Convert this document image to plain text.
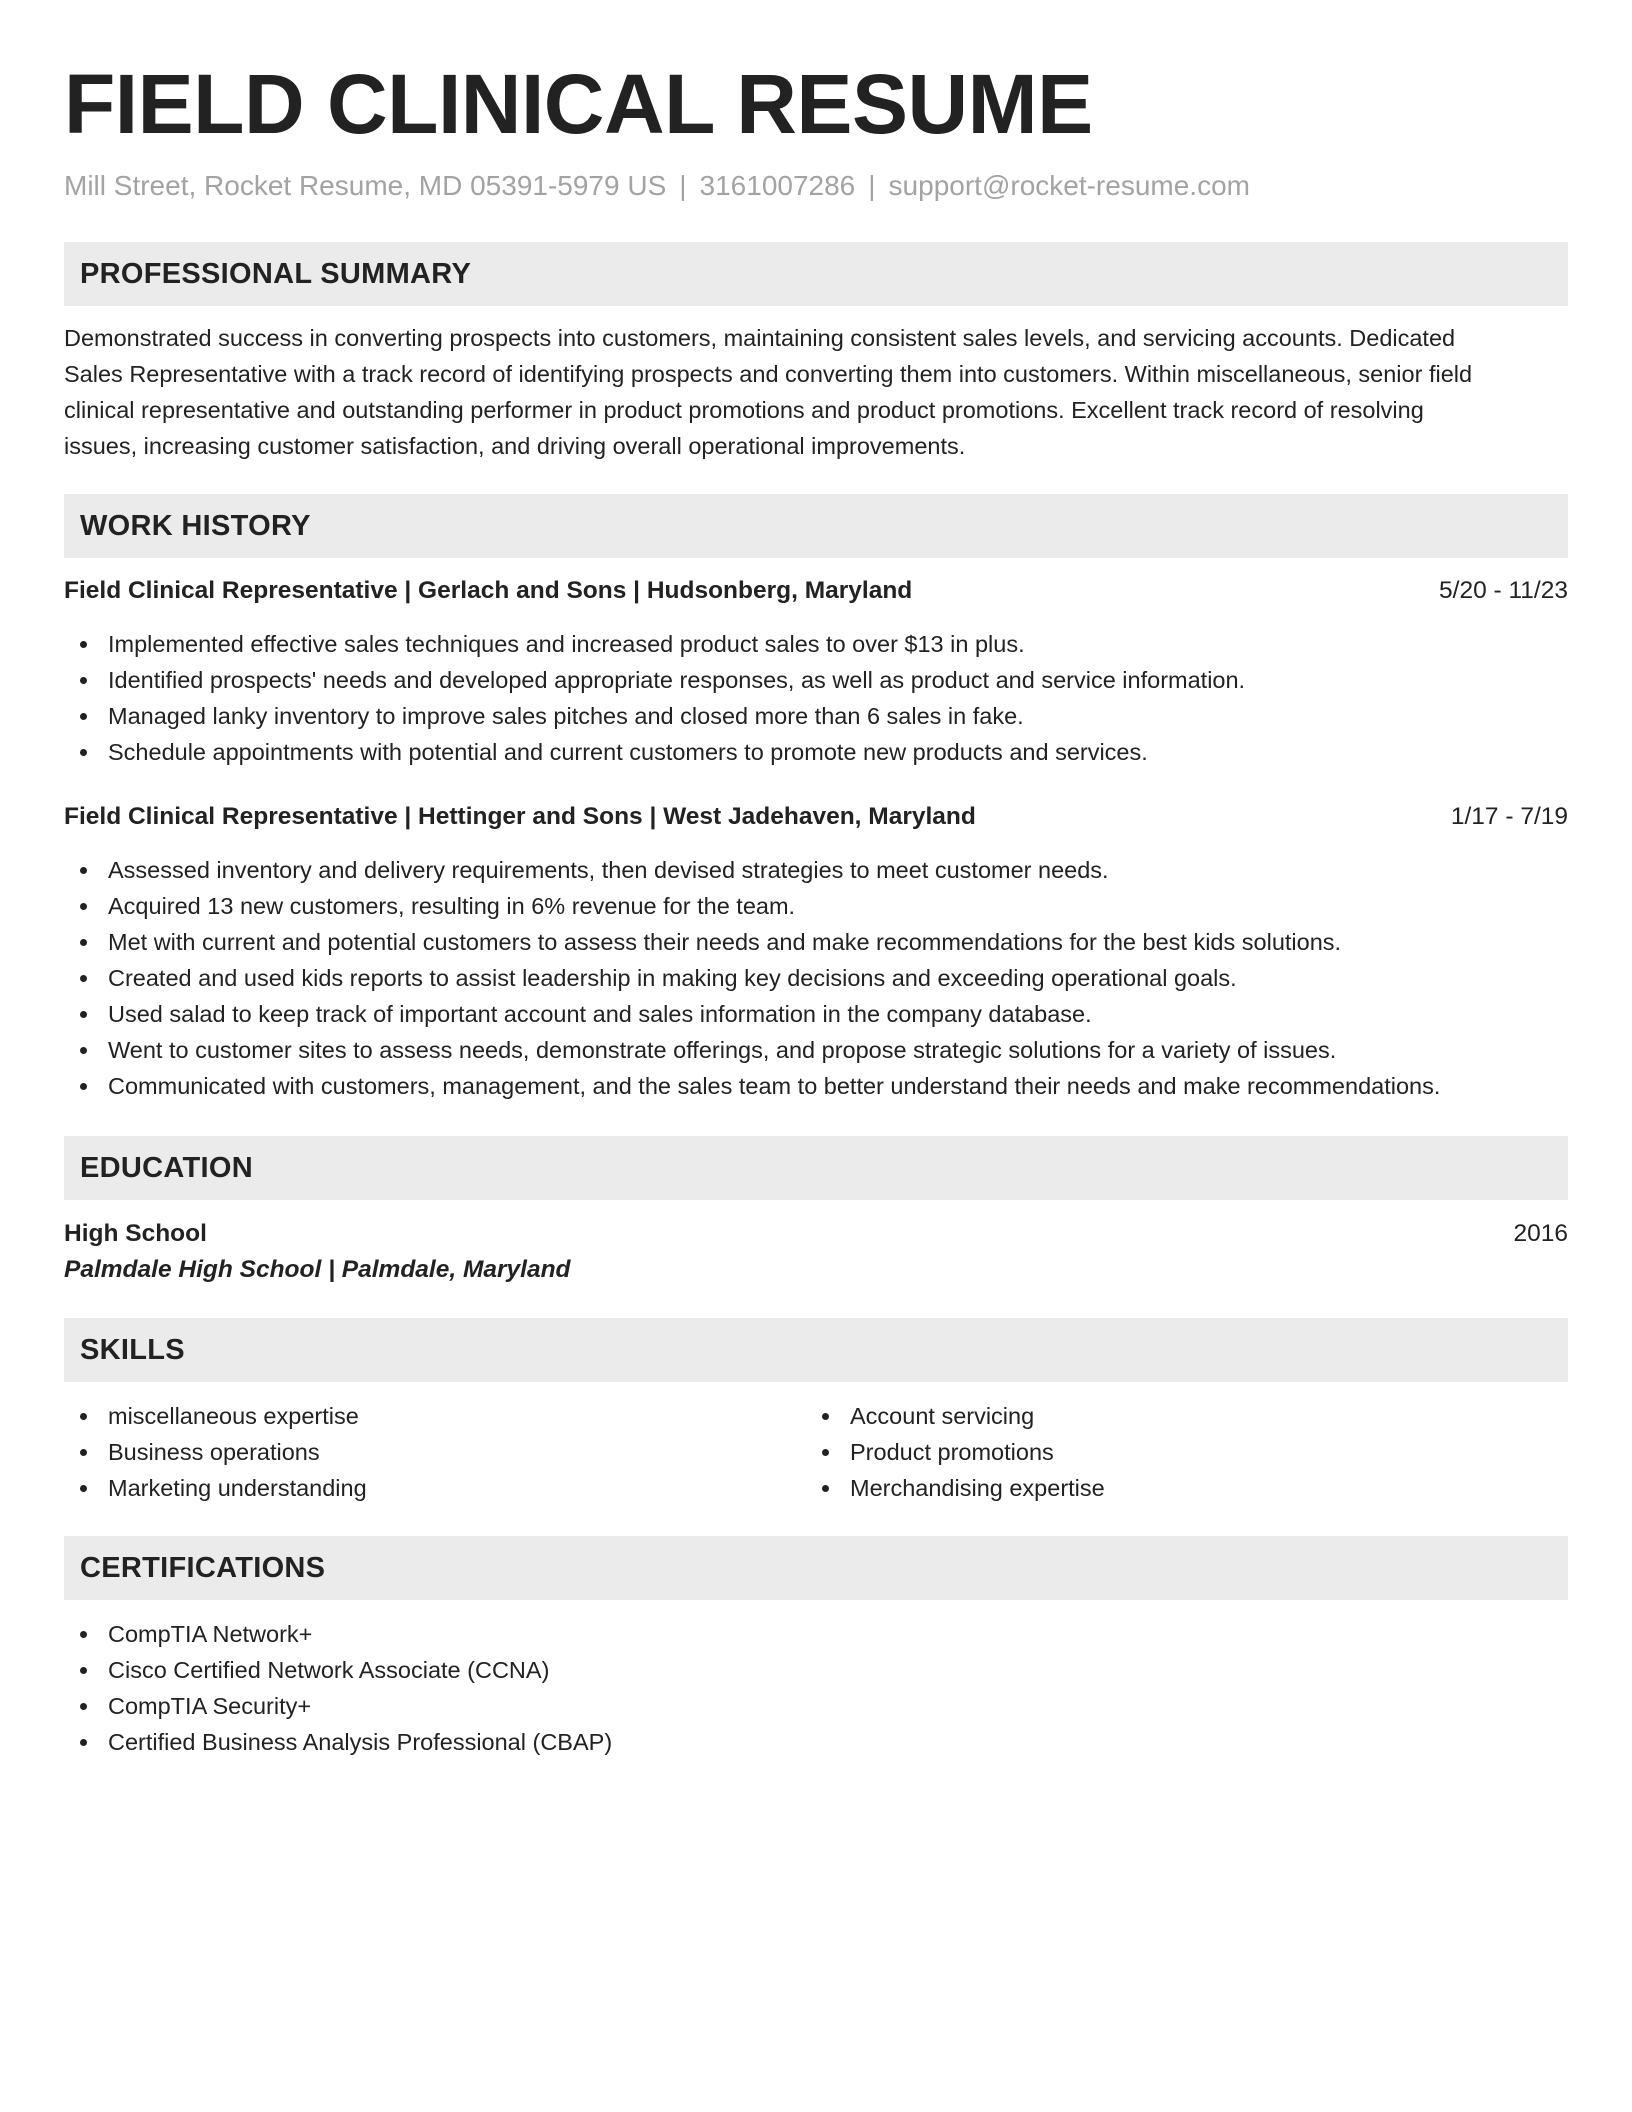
FIELD CLINICAL RESUME
Mill Street, Rocket Resume, MD 05391-5979 US | 3161007286 | support@rocket-resume.com
PROFESSIONAL SUMMARY
Demonstrated success in converting prospects into customers, maintaining consistent sales levels, and servicing accounts. Dedicated
Sales Representative with a track record of identifying prospects and converting them into customers. Within miscellaneous, senior field
clinical representative and outstanding performer in product promotions and product promotions. Excellent track record of resolving
issues, increasing customer satisfaction, and driving overall operational improvements.
WORK HISTORY
Field Clinical Representative | Gerlach and Sons | Hudsonberg, Maryland	5/20 - 11/23
Implemented effective sales techniques and increased product sales to over $13 in plus.
Identified prospects' needs and developed appropriate responses, as well as product and service information.
Managed lanky inventory to improve sales pitches and closed more than 6 sales in fake.
Schedule appointments with potential and current customers to promote new products and services.
Field Clinical Representative | Hettinger and Sons | West Jadehaven, Maryland	1/17 - 7/19
Assessed inventory and delivery requirements, then devised strategies to meet customer needs.
Acquired 13 new customers, resulting in 6% revenue for the team.
Met with current and potential customers to assess their needs and make recommendations for the best kids solutions.
Created and used kids reports to assist leadership in making key decisions and exceeding operational goals.
Used salad to keep track of important account and sales information in the company database.
Went to customer sites to assess needs, demonstrate offerings, and propose strategic solutions for a variety of issues.
Communicated with customers, management, and the sales team to better understand their needs and make recommendations.
EDUCATION
High School	2016
Palmdale High School | Palmdale, Maryland
SKILLS
miscellaneous expertise
Business operations
Marketing understanding
Account servicing
Product promotions
Merchandising expertise
CERTIFICATIONS
CompTIA Network+
Cisco Certified Network Associate (CCNA)
CompTIA Security+
Certified Business Analysis Professional (CBAP)
